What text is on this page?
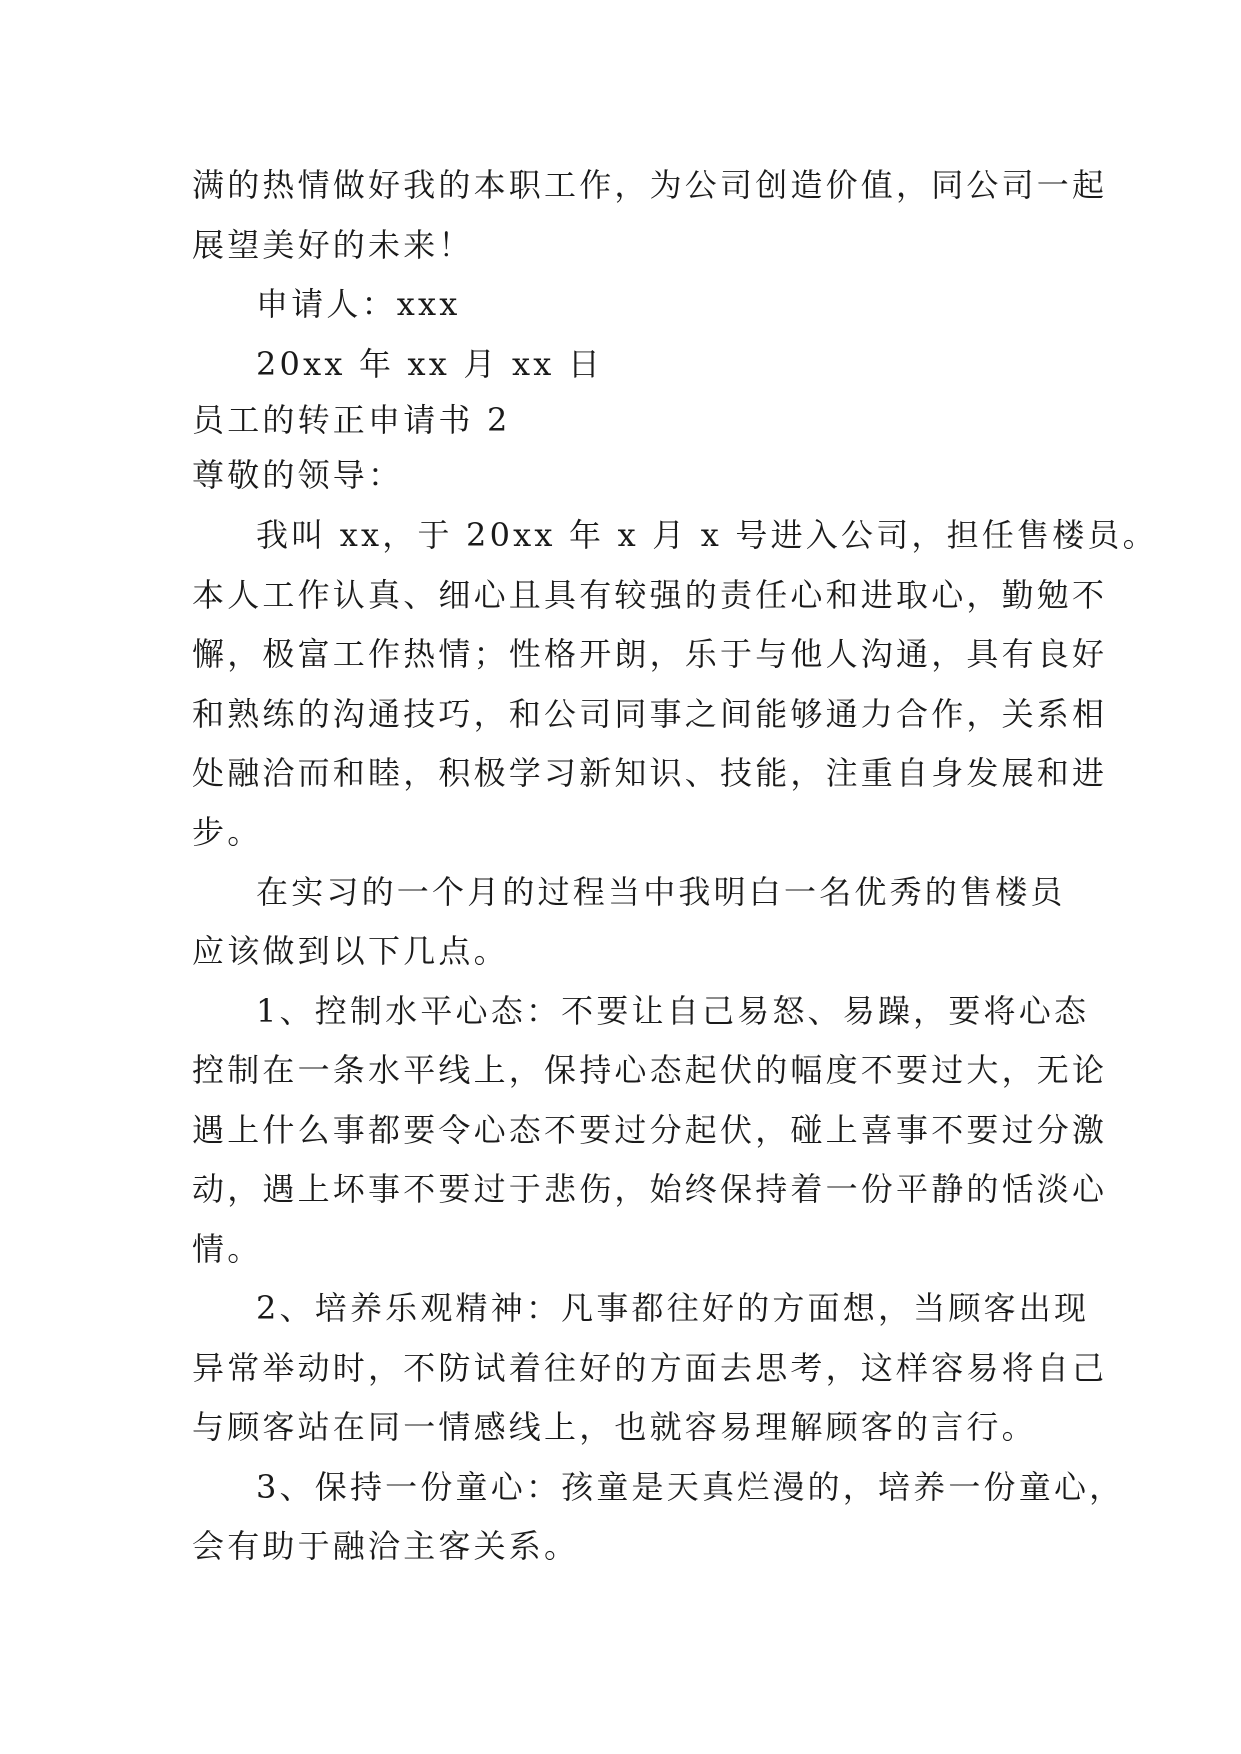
满的热情做好我的本职工作，为公司创造价值，同公司一起

展望美好的未来！

申请人：xxx

20xx 年 xx 月 xx 日

员工的转正申请书 2

尊敬的领导：

我叫 xx，于 20xx 年 x 月 x 号进入公司，担任售楼员。

本人工作认真、细心且具有较强的责任心和进取心，勤勉不

懈，极富工作热情；性格开朗，乐于与他人沟通，具有良好

和熟练的沟通技巧，和公司同事之间能够通力合作，关系相

处融洽而和睦，积极学习新知识、技能，注重自身发展和进

步。

在实习的一个月的过程当中我明白一名优秀的售楼员

应该做到以下几点。

1、控制水平心态：不要让自己易怒、易躁，要将心态

控制在一条水平线上，保持心态起伏的幅度不要过大，无论

遇上什么事都要令心态不要过分起伏，碰上喜事不要过分激

动，遇上坏事不要过于悲伤，始终保持着一份平静的恬淡心

情。

2、培养乐观精神：凡事都往好的方面想，当顾客出现

异常举动时，不防试着往好的方面去思考，这样容易将自己

与顾客站在同一情感线上，也就容易理解顾客的言行。

3、保持一份童心：孩童是天真烂漫的，培养一份童心，

会有助于融洽主客关系。
